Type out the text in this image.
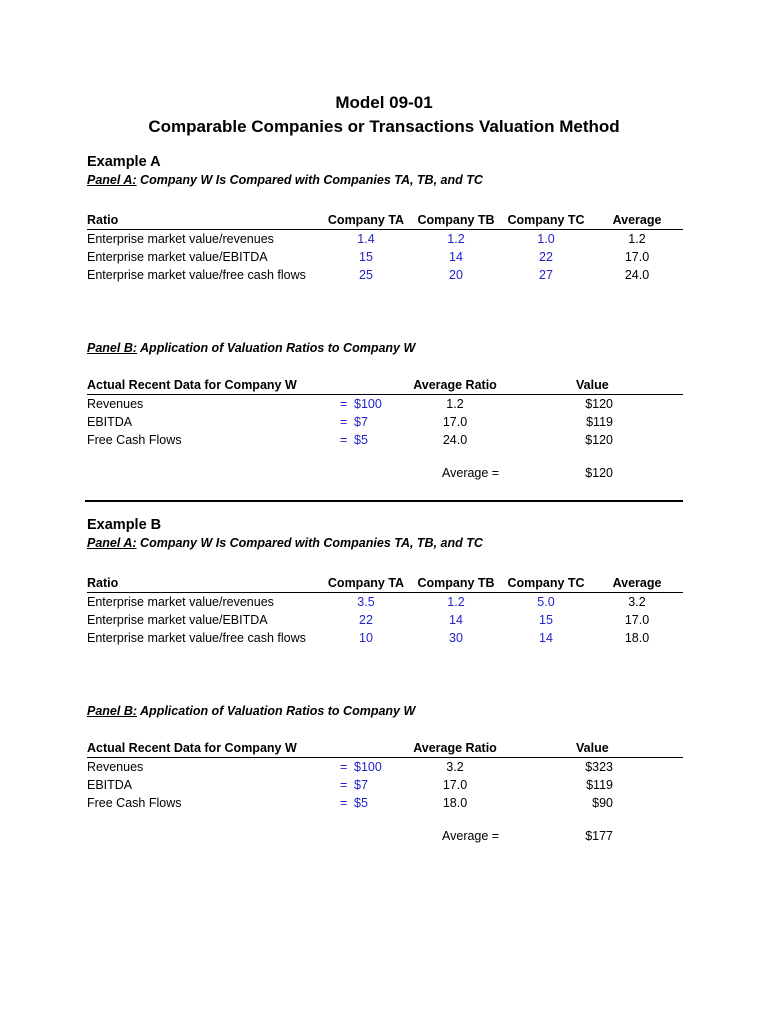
Model 09-01
Comparable Companies or Transactions Valuation Method
Example A
Panel A: Company W Is Compared with Companies TA, TB, and TC
Ratio	Company TA	Company TB	Company TC	Average
Enterprise market value/revenues	1.4	1.2	1.0	1.2
Enterprise market value/EBITDA	15	14	22	17.0
Enterprise market value/free cash flows	25	20	27	24.0
Panel B: Application of Valuation Ratios to Company W
Actual Recent Data for Company W	Average Ratio	Value
Revenues	= $100	1.2	$120
EBITDA	= $7	17.0	$119
Free Cash Flows	= $5	24.0	$120
Average =	$120
Example B
Panel A: Company W Is Compared with Companies TA, TB, and TC
Ratio	Company TA	Company TB	Company TC	Average
Enterprise market value/revenues	3.5	1.2	5.0	3.2
Enterprise market value/EBITDA	22	14	15	17.0
Enterprise market value/free cash flows	10	30	14	18.0
Panel B: Application of Valuation Ratios to Company W
Actual Recent Data for Company W	Average Ratio	Value
Revenues	= $100	3.2	$323
EBITDA	= $7	17.0	$119
Free Cash Flows	= $5	18.0	$90
Average =	$177
